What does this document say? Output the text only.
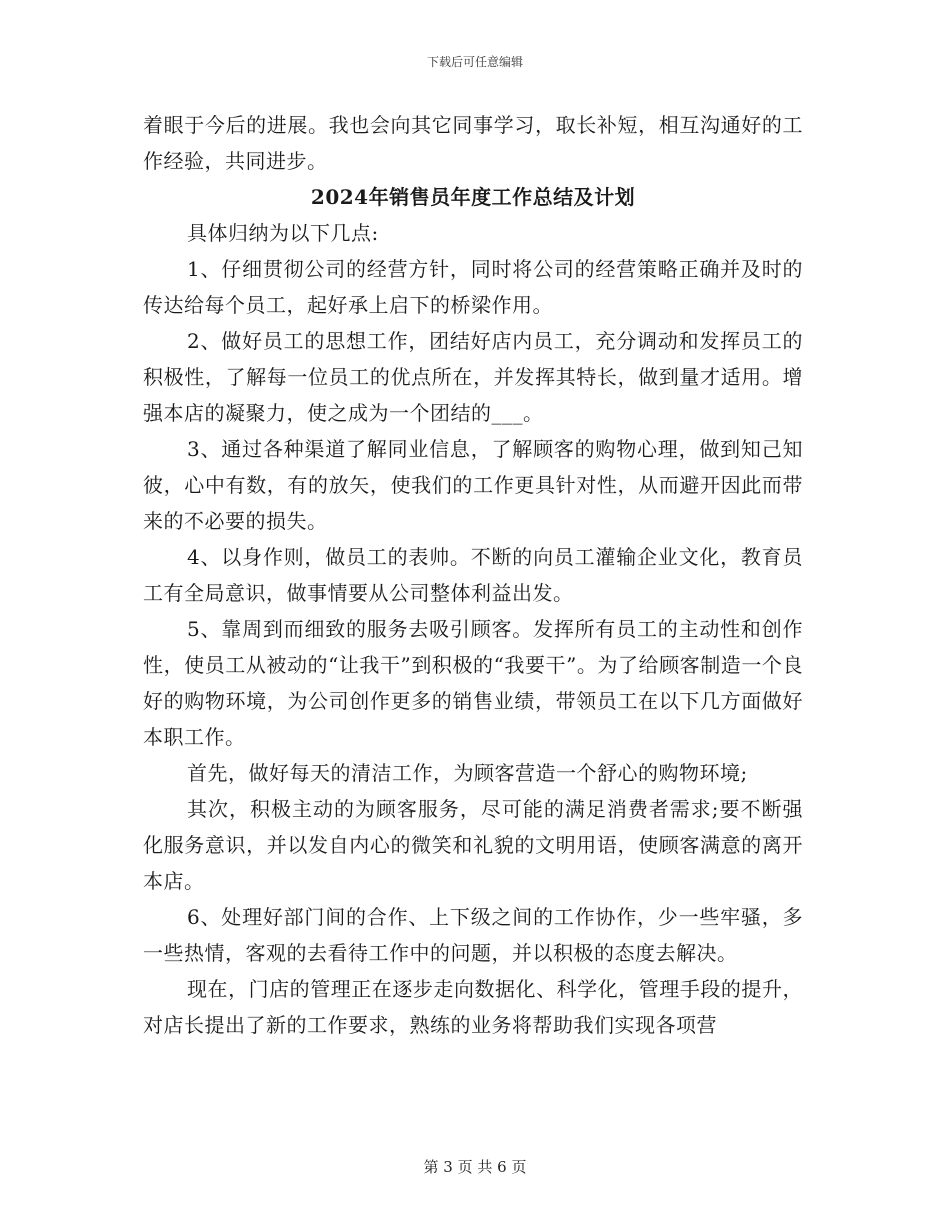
下载后可任意编辑

着眼于今后的进展。我也会向其它同事学习，取长补短，相互沟通好的工作经验，共同进步。

2024年销售员年度工作总结及计划

具体归纳为以下几点:

1、仔细贯彻公司的经营方针，同时将公司的经营策略正确并及时的传达给每个员工，起好承上启下的桥梁作用。

2、做好员工的思想工作，团结好店内员工，充分调动和发挥员工的积极性，了解每一位员工的优点所在，并发挥其特长，做到量才适用。增强本店的凝聚力，使之成为一个团结的___。

3、通过各种渠道了解同业信息，了解顾客的购物心理，做到知己知彼，心中有数，有的放矢，使我们的工作更具针对性，从而避开因此而带来的不必要的损失。

4、以身作则，做员工的表帅。不断的向员工灌输企业文化，教育员工有全局意识，做事情要从公司整体利益出发。

5、靠周到而细致的服务去吸引顾客。发挥所有员工的主动性和创作性，使员工从被动的“让我干”到积极的“我要干”。为了给顾客制造一个良好的购物环境，为公司创作更多的销售业绩，带领员工在以下几方面做好本职工作。

首先，做好每天的清洁工作，为顾客营造一个舒心的购物环境;

其次，积极主动的为顾客服务，尽可能的满足消费者需求;要不断强化服务意识，并以发自内心的微笑和礼貌的文明用语，使顾客满意的离开本店。

6、处理好部门间的合作、上下级之间的工作协作，少一些牢骚，多一些热情，客观的去看待工作中的问题，并以积极的态度去解决。

现在，门店的管理正在逐步走向数据化、科学化，管理手段的提升，对店长提出了新的工作要求，熟练的业务将帮助我们实现各项营

第 3 页 共 6 页
